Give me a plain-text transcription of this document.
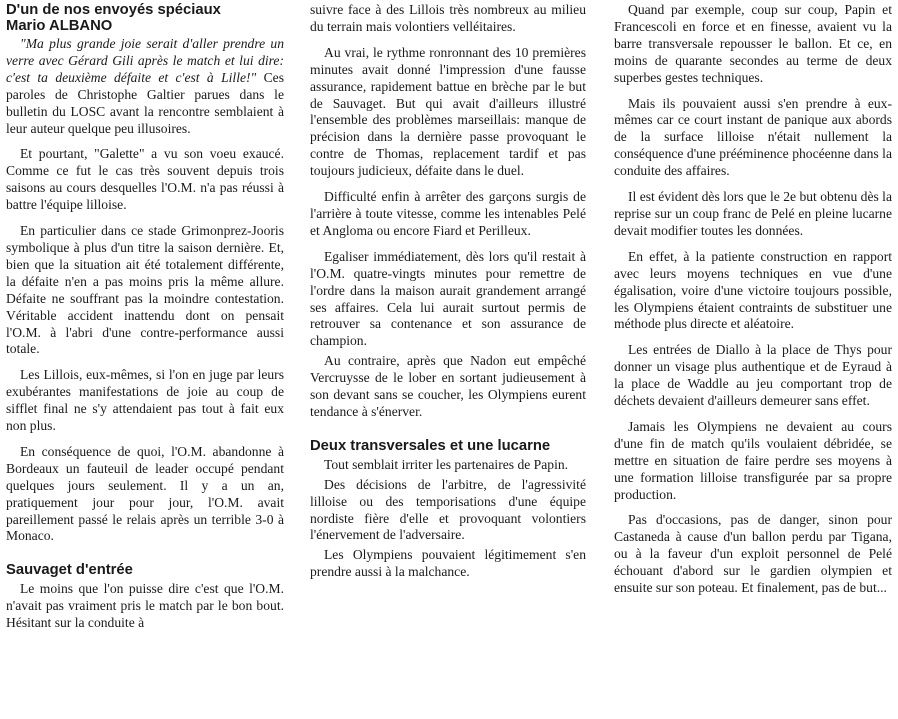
D'un de nos envoyés spéciaux
Mario ALBANO

"Ma plus grande joie serait d'aller prendre un verre avec Gérard Gili après le match et lui dire: c'est ta deuxième défaite et c'est à Lille!" Ces paroles de Christophe Galtier parues dans le bulletin du LOSC avant la rencontre semblaient à leur auteur quelque peu illusoires.

Et pourtant, "Galette" a vu son voeu exaucé. Comme ce fut le cas très souvent depuis trois saisons au cours desquelles l'O.M. n'a pas réussi à battre l'équipe lilloise.

En particulier dans ce stade Grimonprez-Jooris symbolique à plus d'un titre la saison dernière. Et, bien que la situation ait été totalement différente, la défaite n'en a pas moins pris la même allure. Défaite ne souffrant pas la moindre contestation. Véritable accident inattendu dont on pensait l'O.M. à l'abri d'une contre-performance aussi totale.

Les Lillois, eux-mêmes, si l'on en juge par leurs exubérantes manifestations de joie au coup de sifflet final ne s'y attendaient pas tout à fait eux non plus.

En conséquence de quoi, l'O.M. abandonne à Bordeaux un fauteuil de leader occupé pendant quelques jours seulement. Il y a un an, pratiquement jour pour jour, l'O.M. avait pareillement passé le relais après un terrible 3-0 à Monaco.

Sauvaget d'entrée

Le moins que l'on puisse dire c'est que l'O.M. n'avait pas vraiment pris le match par le bon bout. Hésitant sur la conduite à

suivre face à des Lillois très nombreux au milieu du terrain mais volontiers velléitaires.

Au vrai, le rythme ronronnant des 10 premières minutes avait donné l'impression d'une fausse assurance, rapidement battue en brèche par le but de Sauvaget. But qui avait d'ailleurs illustré l'ensemble des problèmes marseillais: manque de précision dans la dernière passe provoquant le contre de Thomas, replacement tardif et pas toujours judicieux, défaite dans le duel.

Difficulté enfin à arrêter des garçons surgis de l'arrière à toute vitesse, comme les intenables Pelé et Angloma ou encore Fiard et Perilleux.

Egaliser immédiatement, dès lors qu'il restait à l'O.M. quatre-vingts minutes pour remettre de l'ordre dans la maison aurait grandement arrangé ses affaires. Cela lui aurait surtout permis de retrouver sa contenance et son assurance de champion.

Au contraire, après que Nadon eut empêché Vercruysse de le lober en sortant judieusement à son devant sans se coucher, les Olympiens eurent tendance à s'énerver.

Deux transversales et une lucarne

Tout semblait irriter les partenaires de Papin.

Des décisions de l'arbitre, de l'agressivité lilloise ou des temporisations d'une équipe nordiste fière d'elle et provoquant volontiers l'énervement de l'adversaire.

Les Olympiens pouvaient légitimement s'en prendre aussi à la malchance.

Quand par exemple, coup sur coup, Papin et Francescoli en force et en finesse, avaient vu la barre transversale repousser le ballon. Et ce, en moins de quarante secondes au terme de deux superbes gestes techniques.

Mais ils pouvaient aussi s'en prendre à eux-mêmes car ce court instant de panique aux abords de la surface lilloise n'était nullement la conséquence d'une prééminence phocéenne dans la conduite des affaires.

Il est évident dès lors que le 2e but obtenu dès la reprise sur un coup franc de Pelé en pleine lucarne devait modifier toutes les données.

En effet, à la patiente construction en rapport avec leurs moyens techniques en vue d'une égalisation, voire d'une victoire toujours possible, les Olympiens étaient contraints de substituer une méthode plus directe et aléatoire.

Les entrées de Diallo à la place de Thys pour donner un visage plus authentique et de Eyraud à la place de Waddle au jeu comportant trop de déchets devaient d'ailleurs demeurer sans effet.

Jamais les Olympiens ne devaient au cours d'une fin de match qu'ils voulaient débridée, se mettre en situation de faire perdre ses moyens à une formation lilloise transfigurée par sa propre production.

Pas d'occasions, pas de danger, sinon pour Castaneda à cause d'un ballon perdu par Tigana, ou à la faveur d'un exploit personnel de Pelé échouant d'abord sur le gardien olympien et ensuite sur son poteau. Et finalement, pas de but...
